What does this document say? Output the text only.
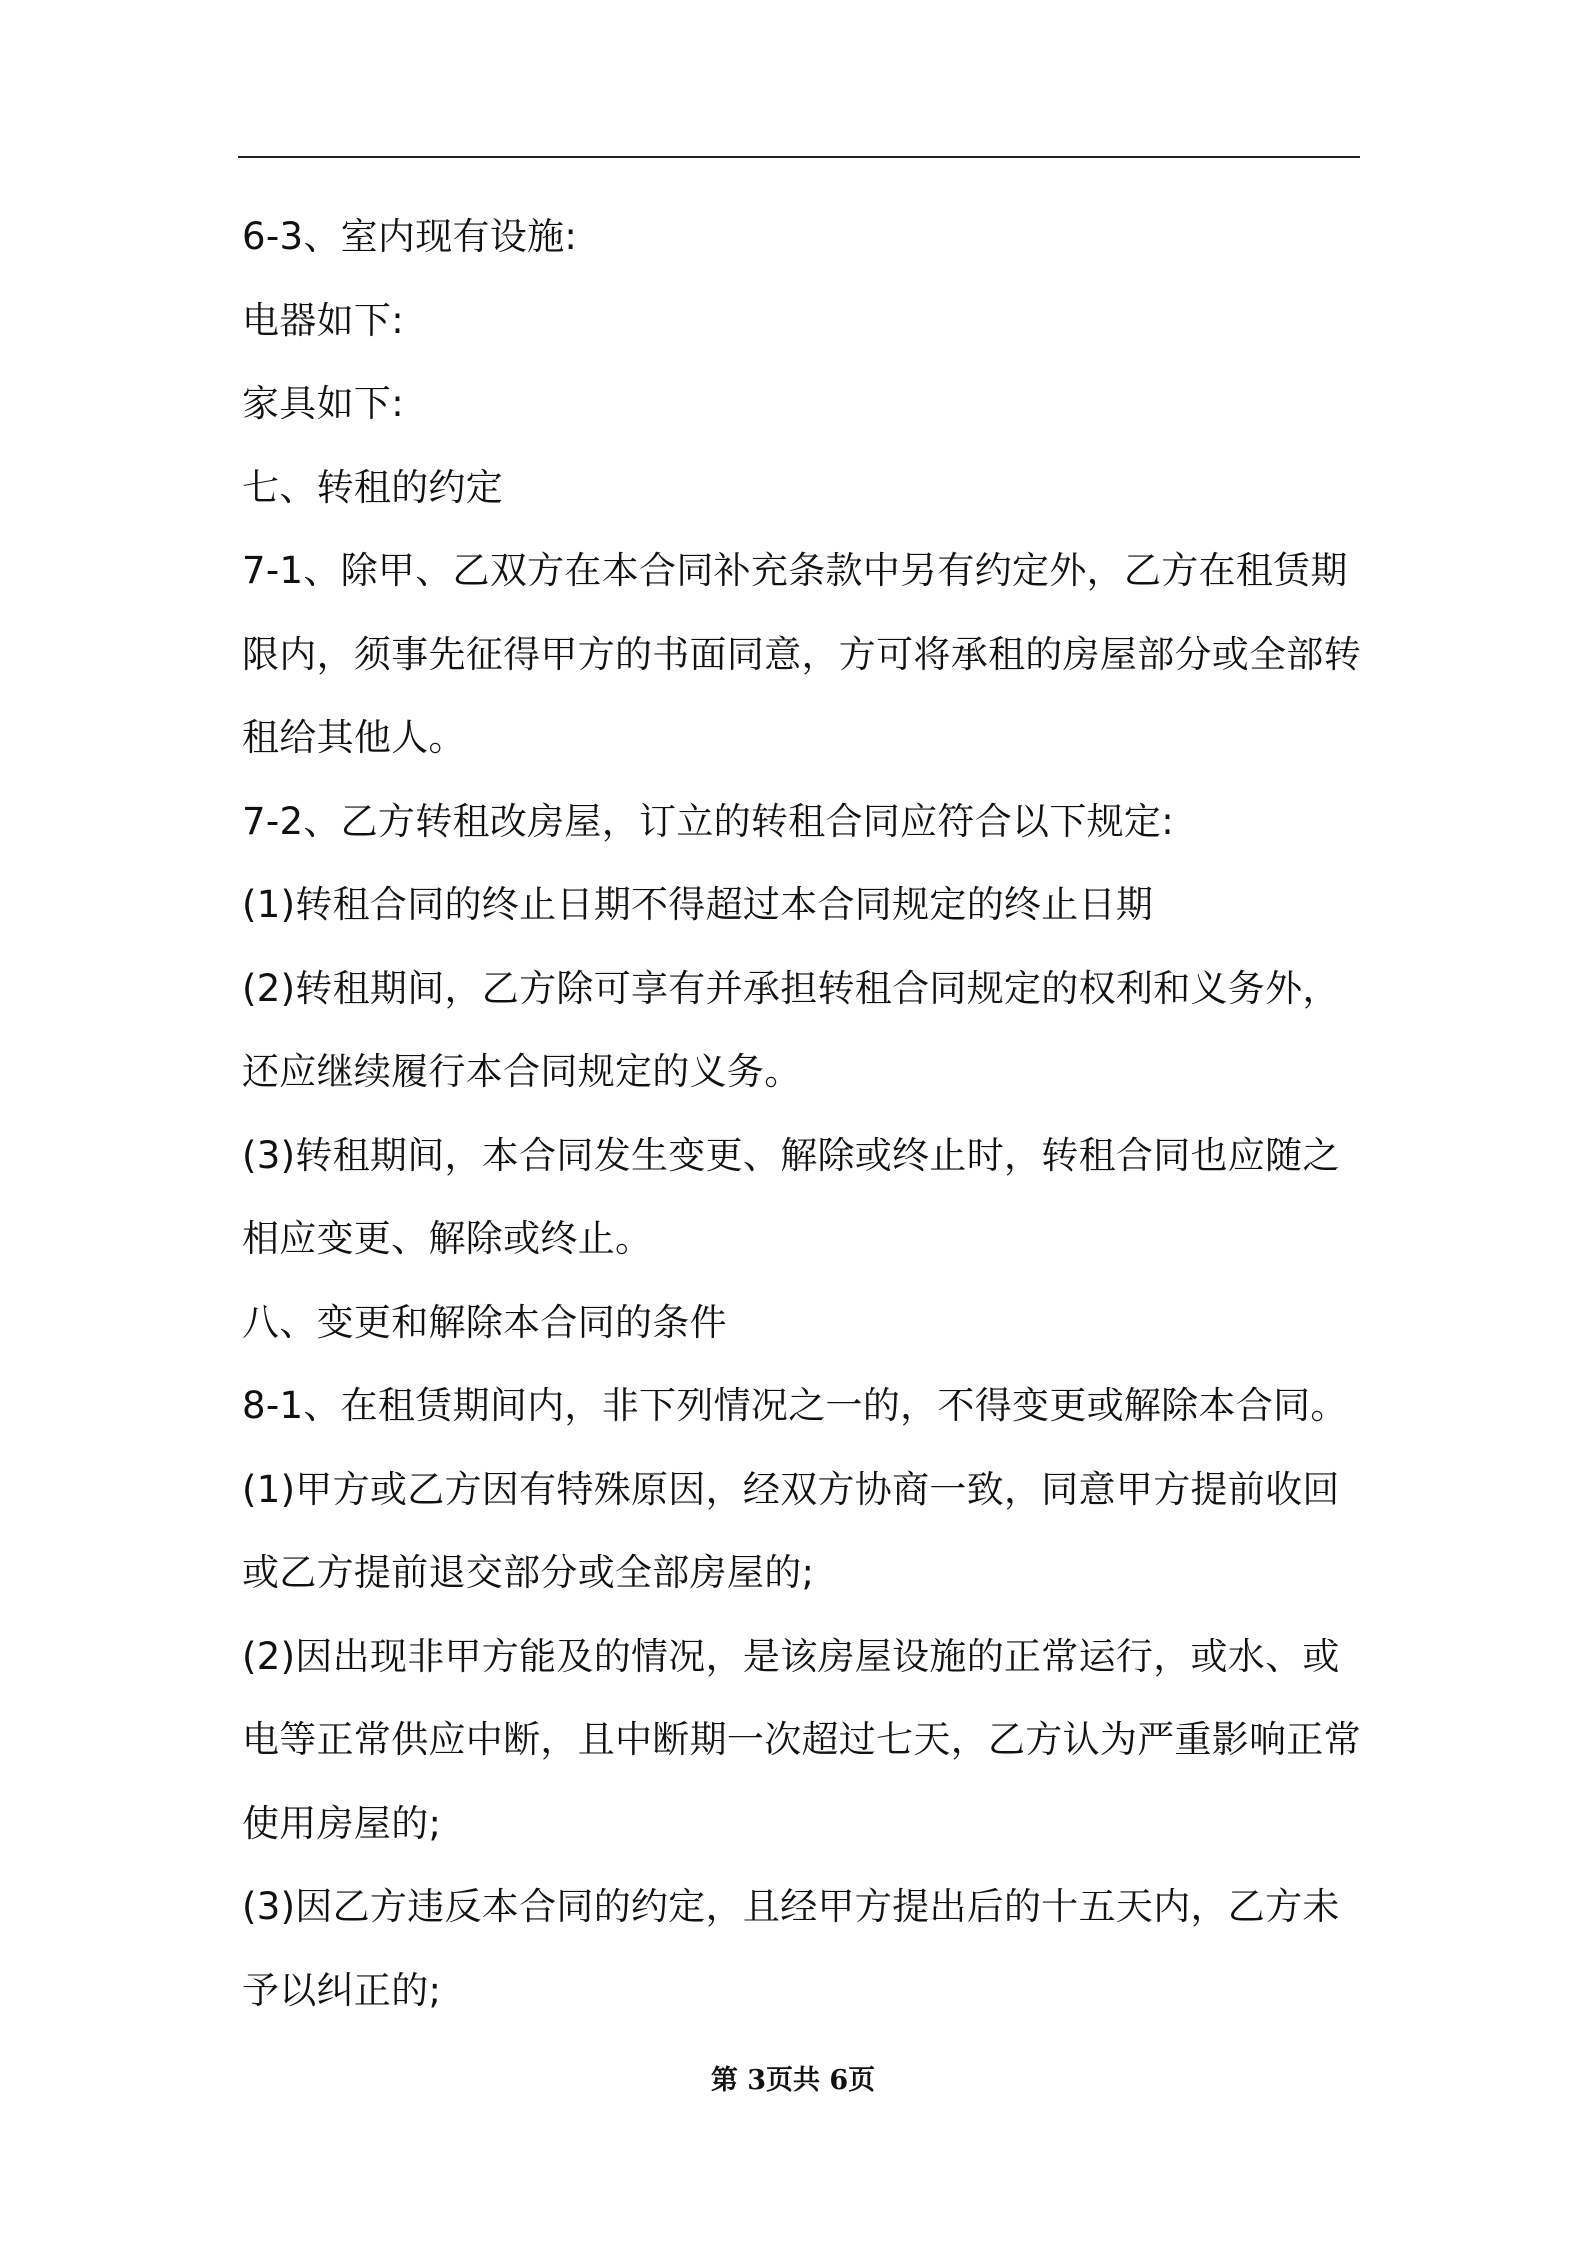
6-3、室内现有设施:

电器如下:

家具如下:

七、转租的约定

7-1、除甲、乙双方在本合同补充条款中另有约定外，乙方在租赁期

限内，须事先征得甲方的书面同意，方可将承租的房屋部分或全部转

租给其他人。

7-2、乙方转租改房屋，订立的转租合同应符合以下规定:

(1)转租合同的终止日期不得超过本合同规定的终止日期

(2)转租期间，乙方除可享有并承担转租合同规定的权利和义务外，

还应继续履行本合同规定的义务。

(3)转租期间，本合同发生变更、解除或终止时，转租合同也应随之

相应变更、解除或终止。

八、变更和解除本合同的条件

8-1、在租赁期间内，非下列情况之一的，不得变更或解除本合同。

(1)甲方或乙方因有特殊原因，经双方协商一致，同意甲方提前收回

或乙方提前退交部分或全部房屋的;

(2)因出现非甲方能及的情况，是该房屋设施的正常运行，或水、或

电等正常供应中断，且中断期一次超过七天，乙方认为严重影响正常

使用房屋的;

(3)因乙方违反本合同的约定，且经甲方提出后的十五天内，乙方未

予以纠正的;

第 3页共 6页
